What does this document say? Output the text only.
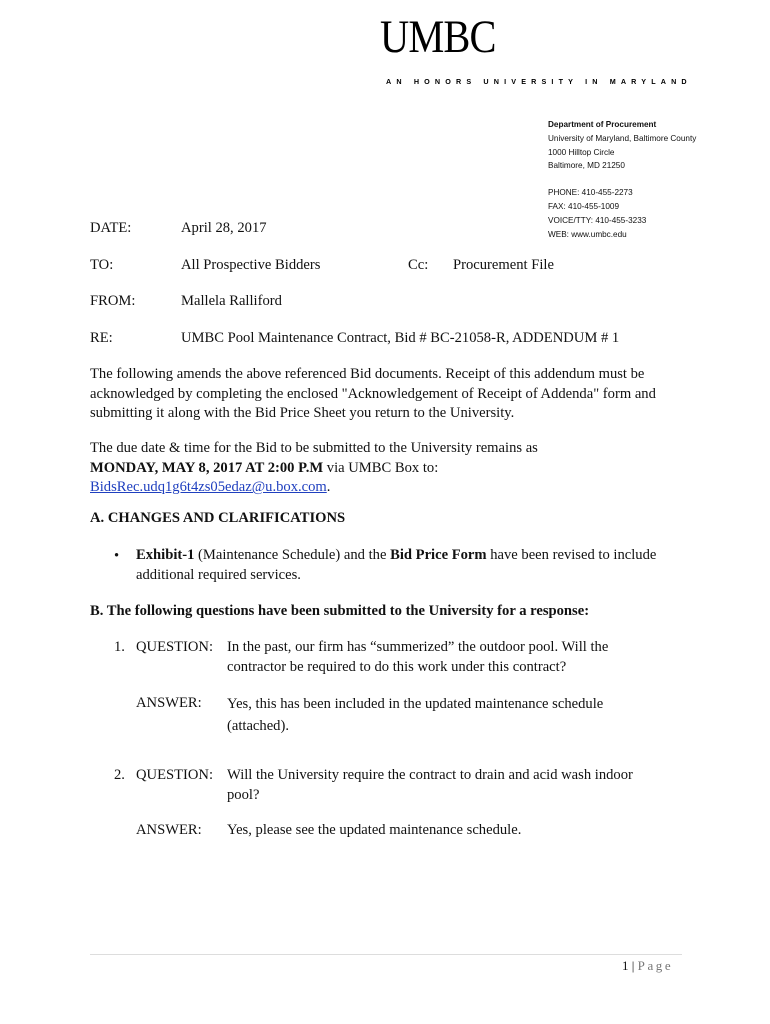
UMBC
AN HONORS UNIVERSITY IN MARYLAND
Department of Procurement
University of Maryland, Baltimore County
1000 Hilltop Circle
Baltimore, MD 21250
PHONE: 410-455-2273
FAX: 410-455-1009
VOICE/TTY: 410-455-3233
WEB: www.umbc.edu
DATE:	April 28, 2017
TO:	All Prospective Bidders	Cc: Procurement File
FROM:	Mallela Ralliford
RE:	UMBC Pool Maintenance Contract, Bid # BC-21058-R, ADDENDUM # 1
The following amends the above referenced Bid documents. Receipt of this addendum must be acknowledged by completing the enclosed "Acknowledgement of Receipt of Addenda" form and submitting it along with the Bid Price Sheet you return to the University.
The due date & time for the Bid to be submitted to the University remains as
MONDAY, MAY 8, 2017 AT 2:00 P.M via UMBC Box to:
BidsRec.udq1g6t4zs05edaz@u.box.com.
A. CHANGES AND CLARIFICATIONS
• Exhibit-1 (Maintenance Schedule) and the Bid Price Form have been revised to include additional required services.
B. The following questions have been submitted to the University for a response:
1. QUESTION: In the past, our firm has “summerized” the outdoor pool. Will the
contractor be required to do this work under this contract?
ANSWER: Yes, this has been included in the updated maintenance schedule
(attached).
2. QUESTION: Will the University require the contract to drain and acid wash indoor
pool?
ANSWER: Yes, please see the updated maintenance schedule.
1 | Page
